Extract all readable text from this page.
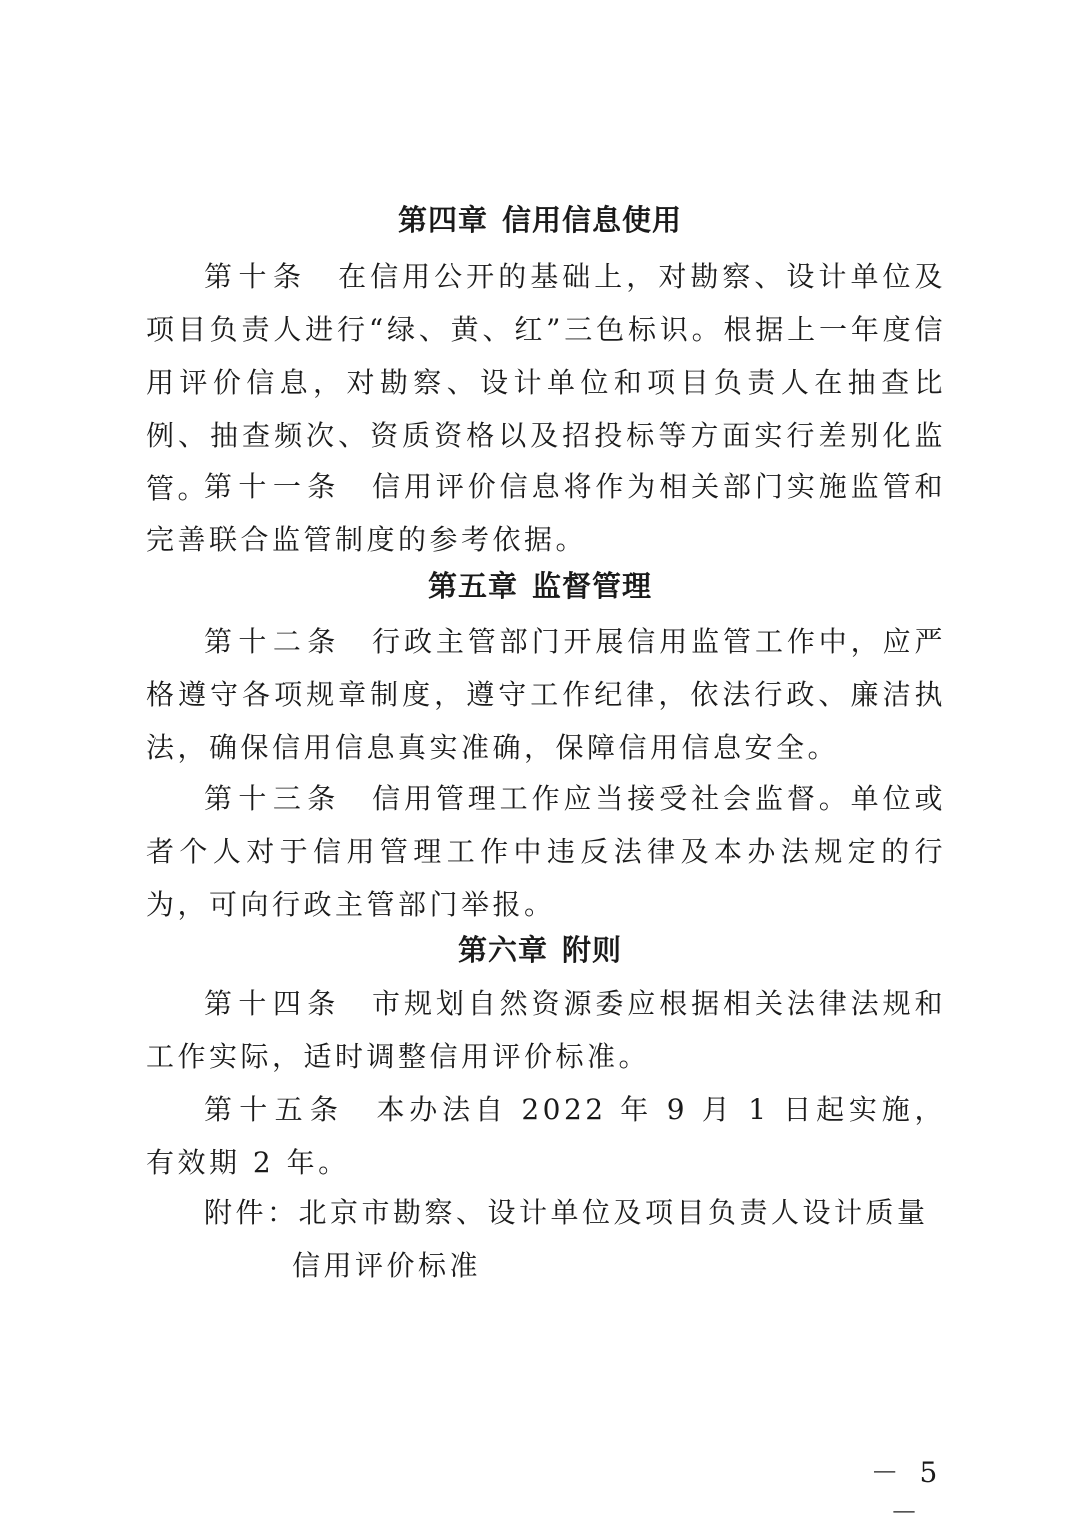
第四章 信用信息使用
第十条 在信用公开的基础上，对勘察、设计单位及项目负责人进行“绿、黄、红”三色标识。根据上一年度信用评价信息，对勘察、设计单位和项目负责人在抽查比例、抽查频次、资质资格以及招投标等方面实行差别化监管。
第十一条 信用评价信息将作为相关部门实施监管和完善联合监管制度的参考依据。
第五章 监督管理
第十二条 行政主管部门开展信用监管工作中，应严格遵守各项规章制度，遵守工作纪律，依法行政、廉洁执法，确保信用信息真实准确，保障信用信息安全。
第十三条 信用管理工作应当接受社会监督。单位或者个人对于信用管理工作中违反法律及本办法规定的行为，可向行政主管部门举报。
第六章 附则
第十四条 市规划自然资源委应根据相关法律法规和工作实际，适时调整信用评价标准。
第十五条 本办法自 2022 年 9 月 1 日起实施，有效期 2 年。
附件：北京市勘察、设计单位及项目负责人设计质量信用评价标准
－ 5 －
